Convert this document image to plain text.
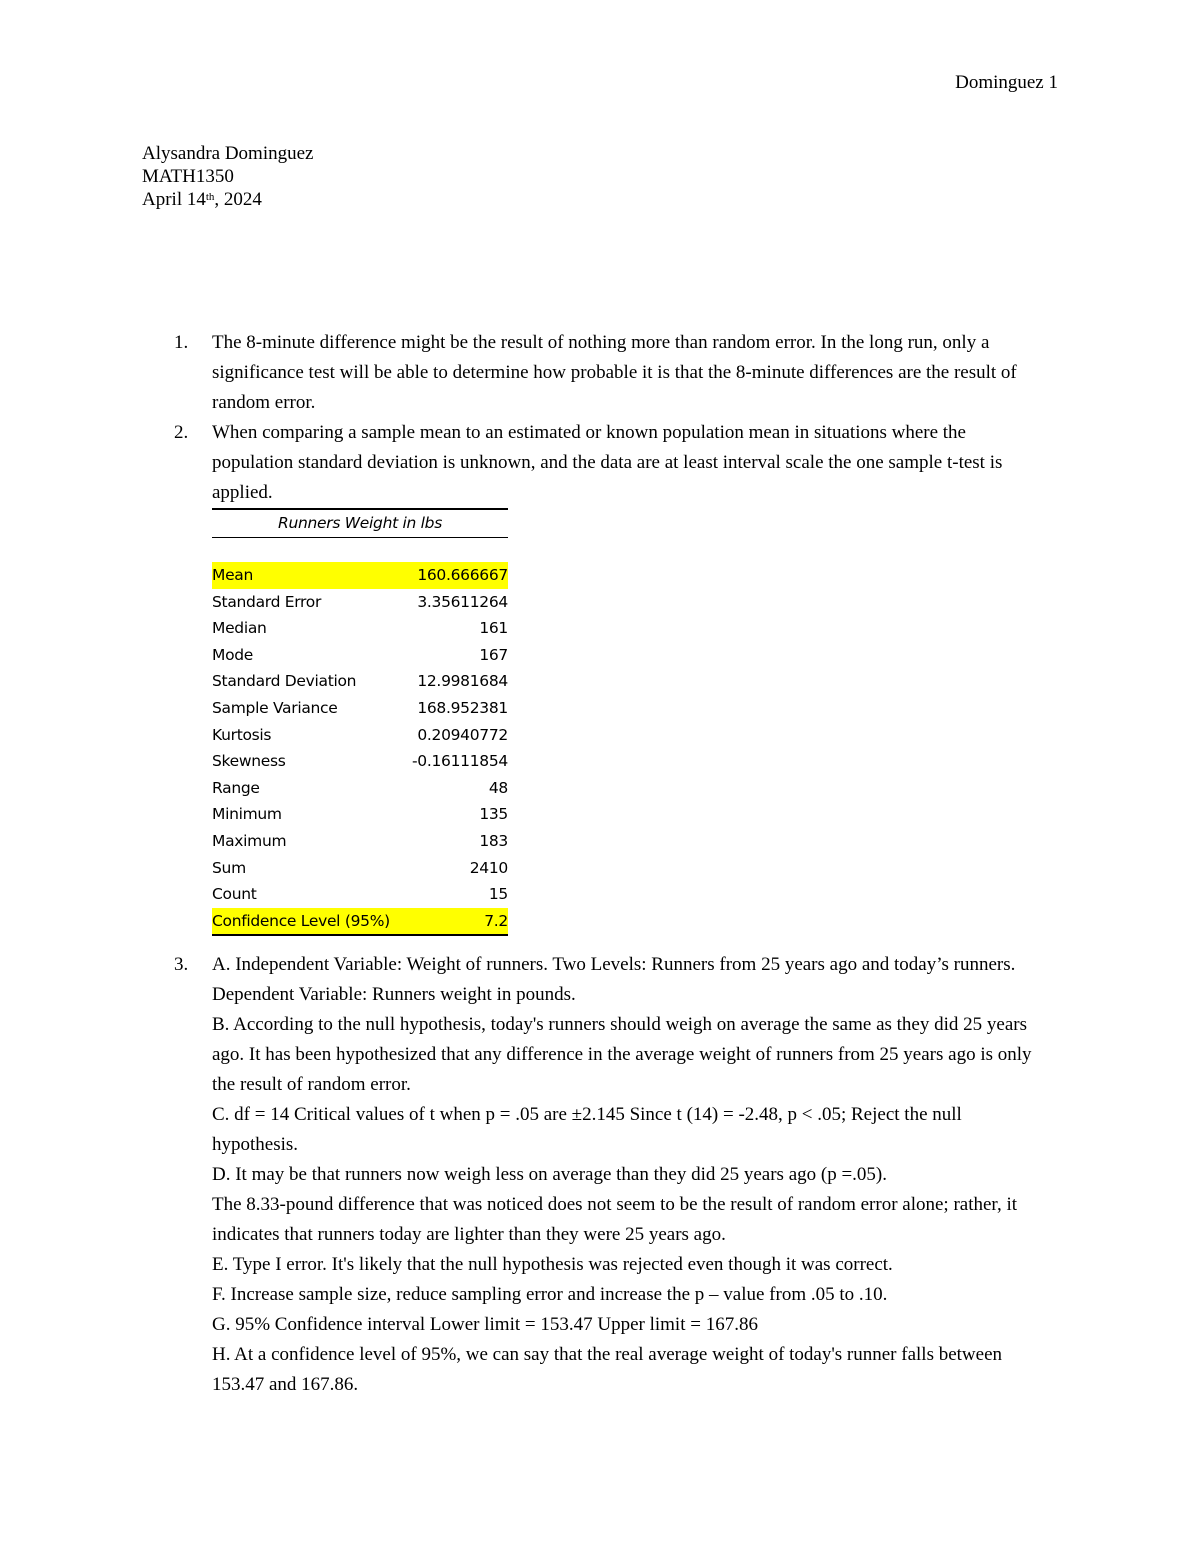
Dominguez 1
Alysandra Dominguez
MATH1350
April 14th, 2024
1. The 8-minute difference might be the result of nothing more than random error. In the long run, only a significance test will be able to determine how probable it is that the 8-minute differences are the result of random error.

2. When comparing a sample mean to an estimated or known population mean in situations where the population standard deviation is unknown, and the data are at least interval scale the one sample t-test is applied.

Runners Weight in lbs	

Mean	160.666667
Standard Error	3.35611264
Median	161
Mode	167
Standard Deviation	12.9981684
Sample Variance	168.952381
Kurtosis	0.20940772
Skewness	-0.16111854
Range	48
Minimum	135
Maximum	183
Sum	2410
Count	15
Confidence Level (95%)	7.2
3. A. Independent Variable: Weight of runners. Two Levels: Runners from 25 years ago and today’s runners. Dependent Variable: Runners weight in pounds.

B. According to the null hypothesis, today's runners should weigh on average the same as they did 25 years ago. It has been hypothesized that any difference in the average weight of runners from 25 years ago is only the result of random error.

C. df = 14 Critical values of t when p = .05 are ±2.145 Since t (14) = -2.48, p < .05; Reject the null hypothesis.

D. It may be that runners now weigh less on average than they did 25 years ago (p =.05).

The 8.33-pound difference that was noticed does not seem to be the result of random error alone; rather, it indicates that runners today are lighter than they were 25 years ago.

E. Type I error. It's likely that the null hypothesis was rejected even though it was correct.

F. Increase sample size, reduce sampling error and increase the p – value from .05 to .10.

G. 95% Confidence interval Lower limit = 153.47 Upper limit = 167.86

H. At a confidence level of 95%, we can say that the real average weight of today's runner falls between 153.47 and 167.86.
